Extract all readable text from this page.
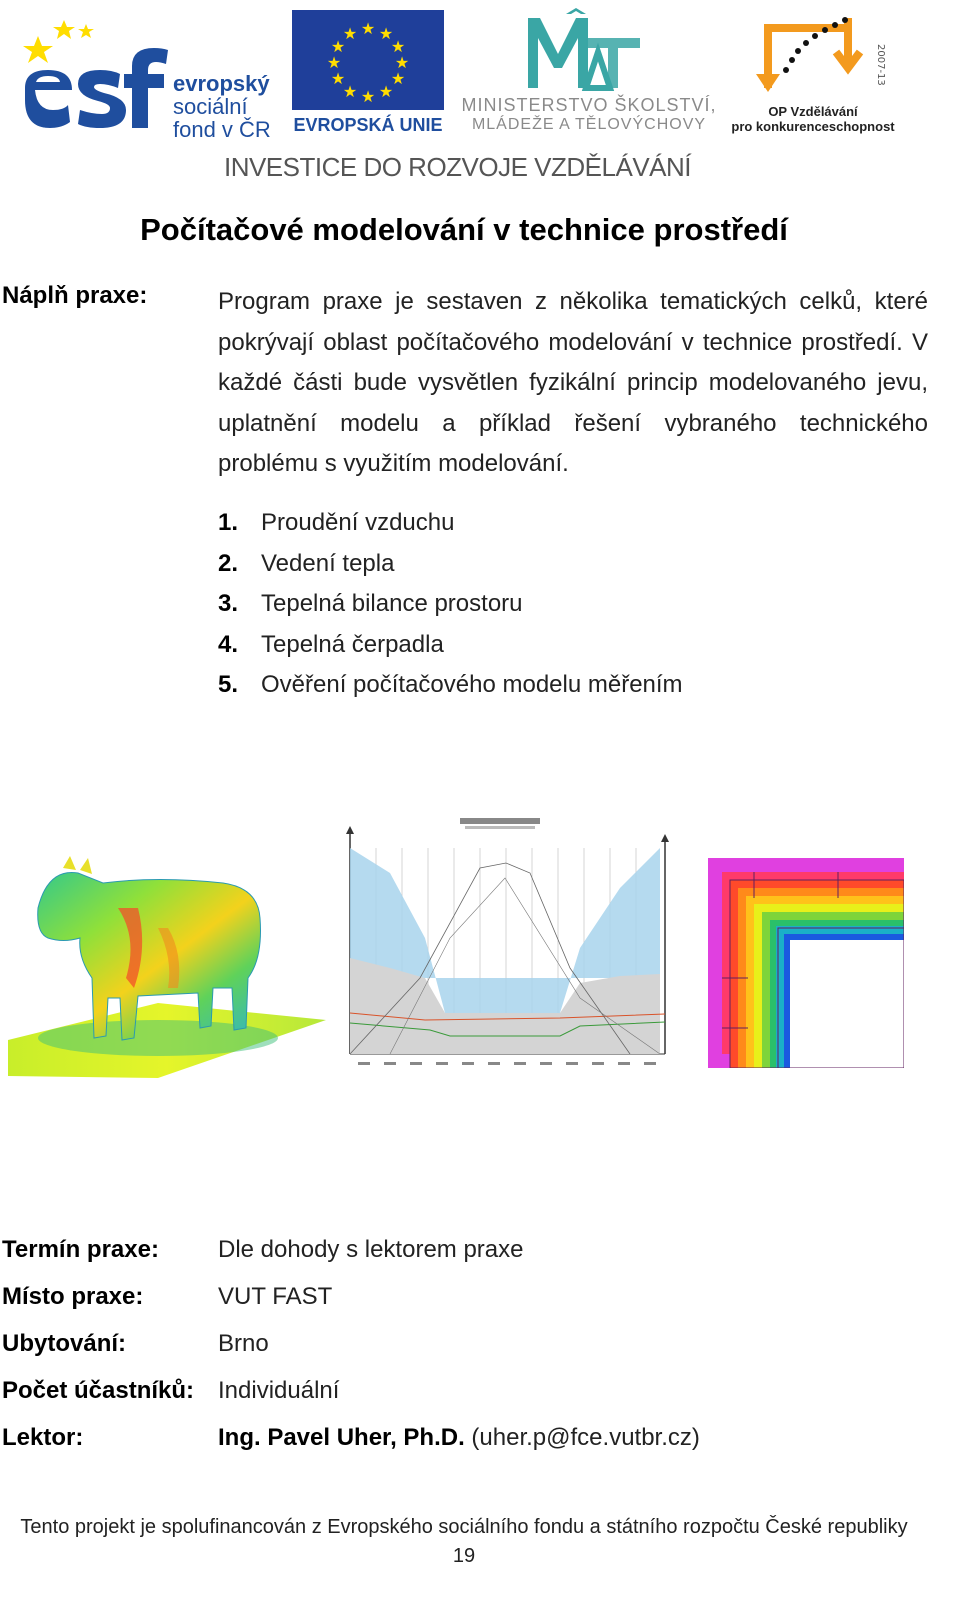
evropský
sociální
fond v ČR
★ ★
★
★
★
★
★
★
★
★
★
★
EVROPSKÁ UNIE
MINISTERSTVO ŠKOLSTVÍ,
MLÁDEŽE A TĚLOVÝCHOVY
2007-13
OP Vzdělávání
pro konkurenceschopnost
INVESTICE DO ROZVOJE VZDĚLÁVÁNÍ
Počítačové modelování v technice prostředí
Náplň praxe:	Program praxe je sestaven z několika tematických celků, které pokrývají oblast počítačového modelování v technice prostředí. V každé části bude vysvětlen fyzikální princip modelovaného jevu, uplatnění modelu a příklad řešení vybraného technického problému s využitím modelování.

1. Proudění vzduchu
2. Vedení tepla
3. Tepelná bilance prostoru
4. Tepelná čerpadla
5. Ověření počítačového modelu měřením
Termín praxe: Dle dohody s lektorem praxe
Místo praxe:	VUT FAST
Ubytování:	Brno
Počet účastníků: Individuální
Lektor:	Ing. Pavel Uher, Ph.D. (uher.p@fce.vutbr.cz)
Tento projekt je spolufinancován z Evropského sociálního fondu a státního rozpočtu České republiky
19
